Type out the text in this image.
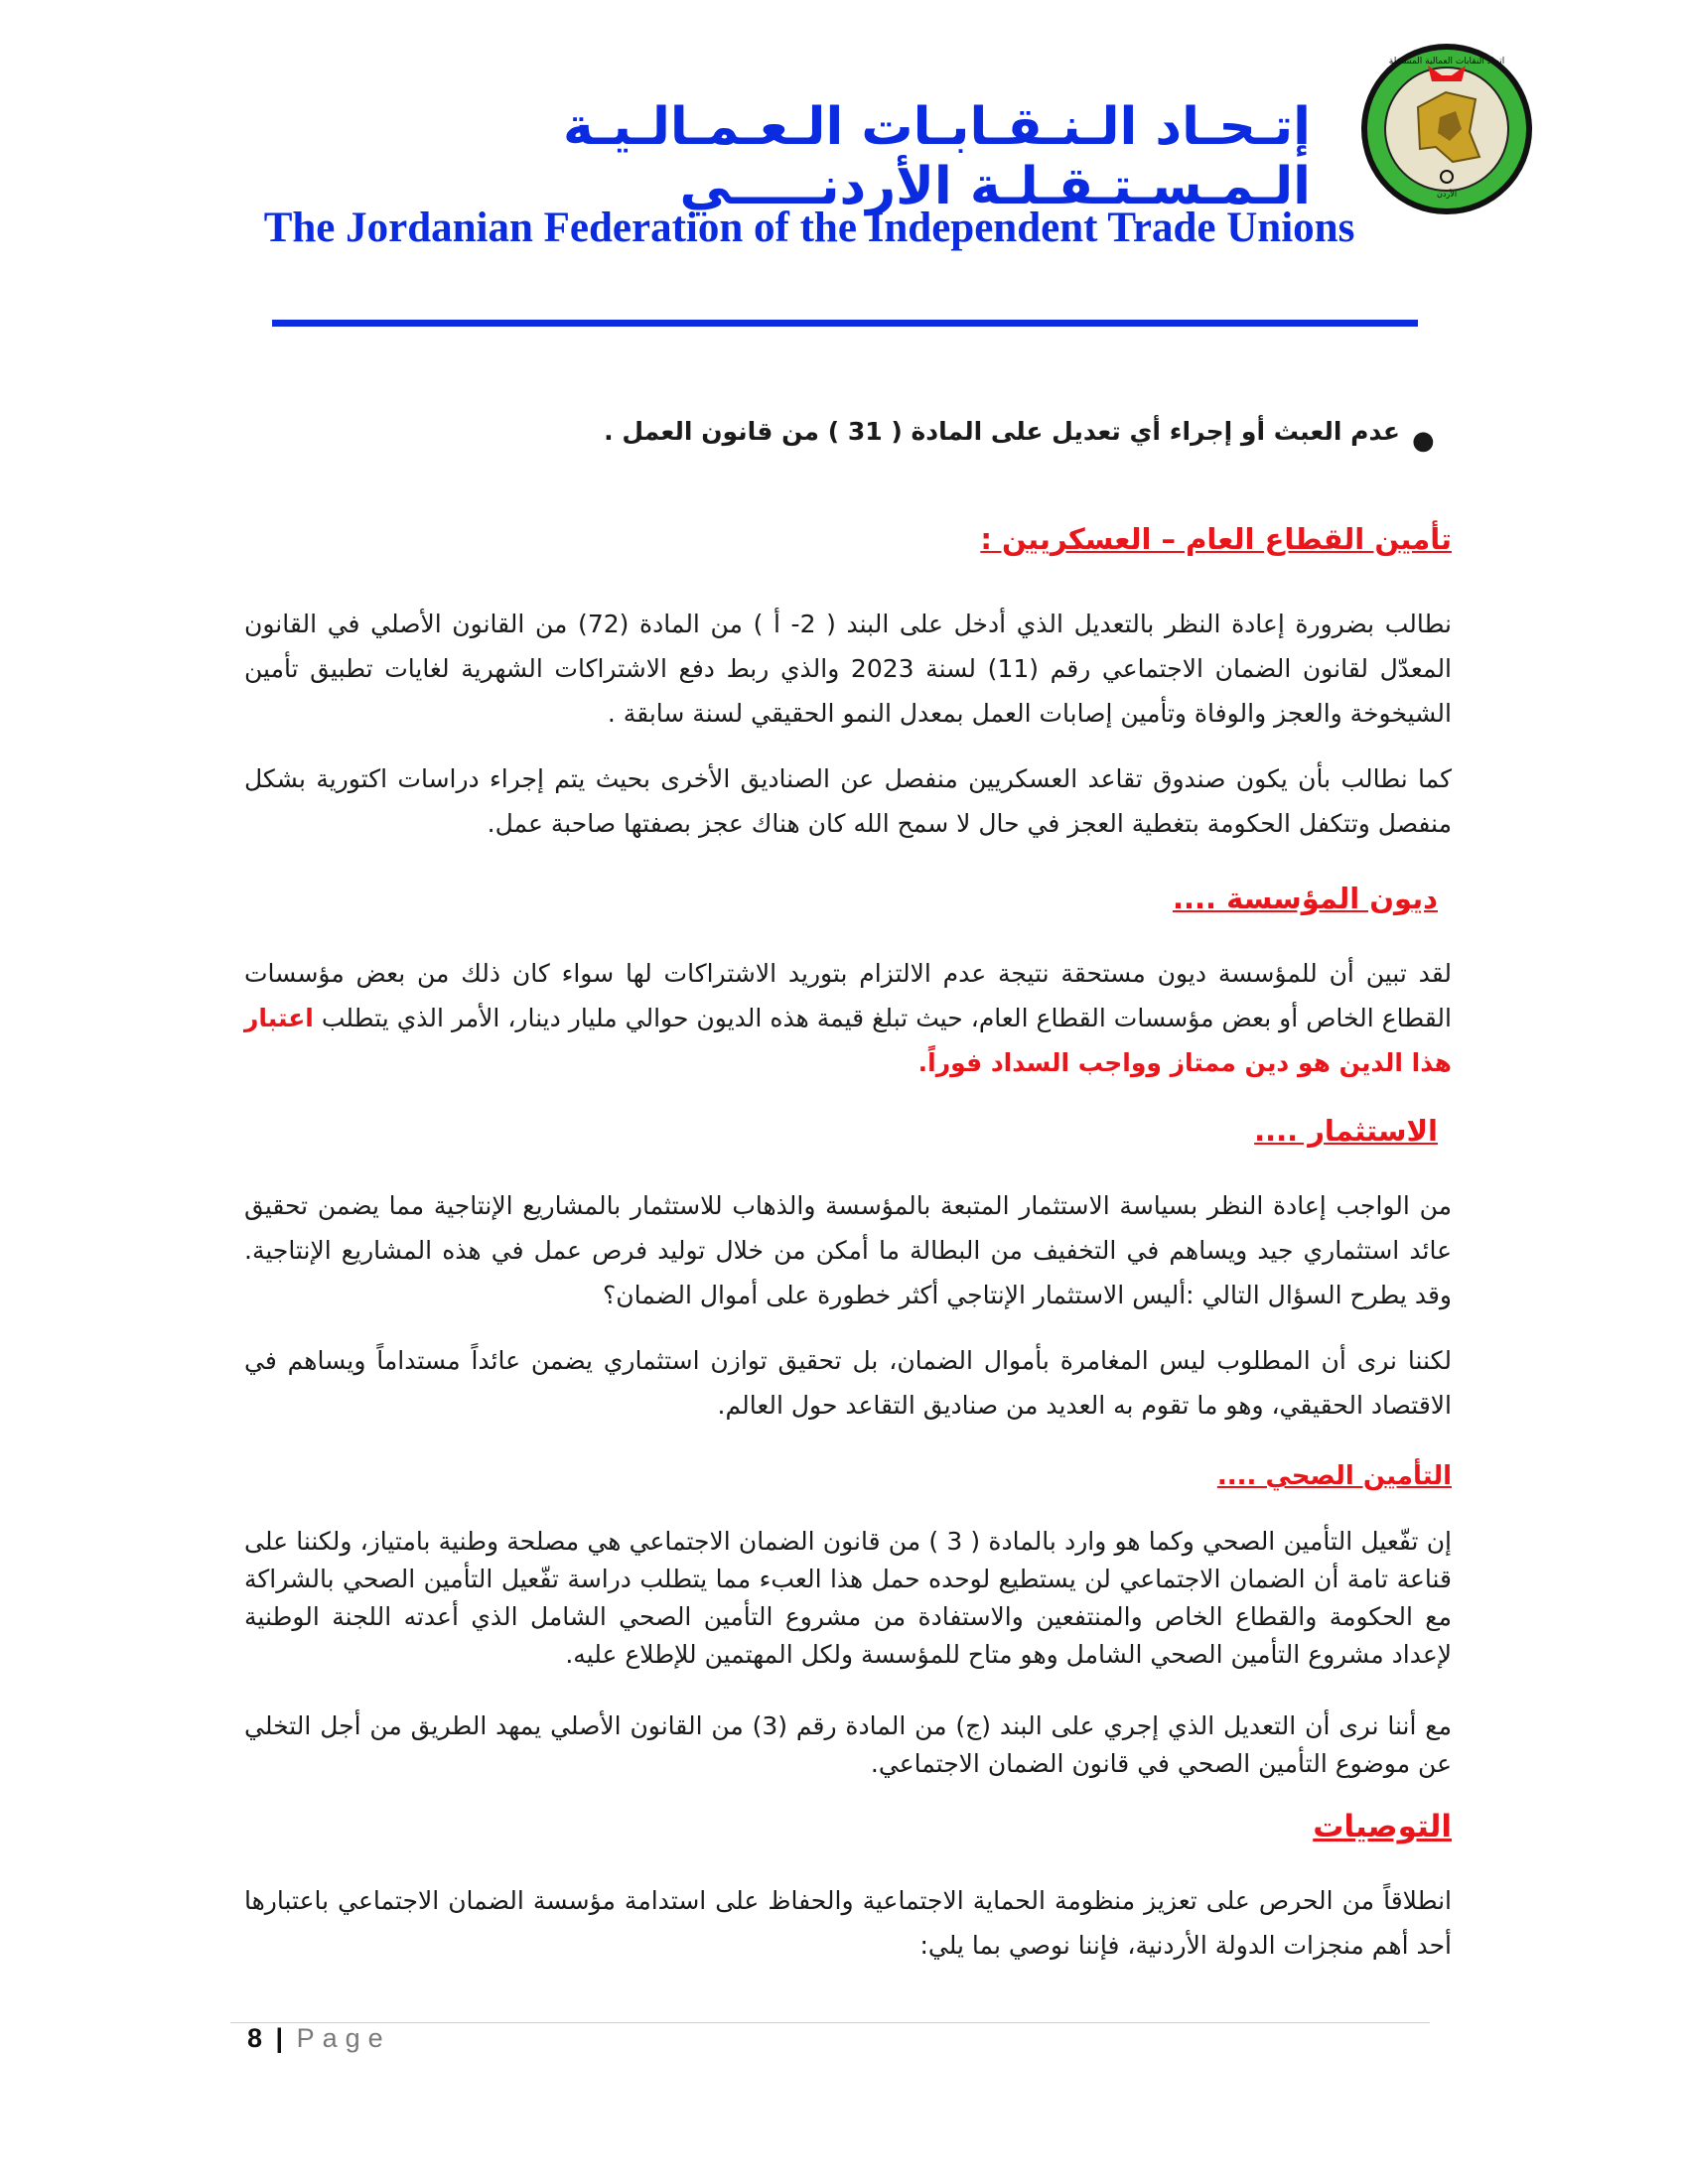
اتحاد النقابات العمالية المستقلة
الأردن
إتـحـاد الـنـقـابـات الـعـمـالـيـة الـمـسـتـقـلـة الأردنـــــي
The Jordanian Federation of the Independent Trade Unions
●

عدم العبث أو إجراء أي تعديل على المادة ( 31 ) من قانون العمل .

تأمين القطاع العام – العسكريين :

نطالب بضرورة إعادة النظر بالتعديل الذي أدخل على البند ( 2- أ ) من المادة (72) من القانون الأصلي في القانون المعدّل لقانون الضمان الاجتماعي رقم (11) لسنة 2023 والذي ربط دفع الاشتراكات الشهرية لغايات تطبيق تأمين الشيخوخة والعجز والوفاة وتأمين إصابات العمل بمعدل النمو الحقيقي لسنة سابقة .

كما نطالب بأن يكون صندوق تقاعد العسكريين منفصل عن الصناديق الأخرى بحيث يتم إجراء دراسات اكتورية بشكل منفصل وتتكفل الحكومة بتغطية العجز في حال لا سمح الله كان هناك عجز بصفتها صاحبة عمل.

ديون المؤسسة ....

لقد تبين أن للمؤسسة ديون مستحقة نتيجة عدم الالتزام بتوريد الاشتراكات لها سواء كان ذلك من بعض مؤسسات القطاع الخاص أو بعض مؤسسات القطاع العام، حيث تبلغ قيمة هذه الديون حوالي مليار دينار، الأمر الذي يتطلب اعتبار هذا الدين هو دين ممتاز وواجب السداد فوراً.

الاستثمار ....

من الواجب إعادة النظر بسياسة الاستثمار المتبعة بالمؤسسة والذهاب للاستثمار بالمشاريع الإنتاجية مما يضمن تحقيق عائد استثماري جيد ويساهم في التخفيف من البطالة ما أمكن من خلال توليد فرص عمل في هذه المشاريع الإنتاجية. وقد يطرح السؤال التالي :أليس الاستثمار الإنتاجي أكثر خطورة على أموال الضمان؟

لكننا نرى أن المطلوب ليس المغامرة بأموال الضمان، بل تحقيق توازن استثماري يضمن عائداً مستداماً ويساهم في الاقتصاد الحقيقي، وهو ما تقوم به العديد من صناديق التقاعد حول العالم.

التأمين الصحي ....

إن تفّعيل التأمين الصحي وكما هو وارد بالمادة ( 3 ) من قانون الضمان الاجتماعي هي مصلحة وطنية بامتياز، ولكننا على قناعة تامة أن الضمان الاجتماعي لن يستطيع لوحده حمل هذا العبء مما يتطلب دراسة تفّعيل التأمين الصحي بالشراكة مع الحكومة والقطاع الخاص والمنتفعين والاستفادة من مشروع التأمين الصحي الشامل الذي أعدته اللجنة الوطنية لإعداد مشروع التأمين الصحي الشامل وهو متاح للمؤسسة ولكل المهتمين للإطلاع عليه.

مع أننا نرى أن التعديل الذي إجري على البند (ج) من المادة رقم (3) من القانون الأصلي يمهد الطريق من أجل التخلي عن موضوع التأمين الصحي في قانون الضمان الاجتماعي.

التوصيات

انطلاقاً من الحرص على تعزيز منظومة الحماية الاجتماعية والحفاظ على استدامة مؤسسة الضمان الاجتماعي باعتبارها أحد أهم منجزات الدولة الأردنية، فإننا نوصي بما يلي:

8 | Page
